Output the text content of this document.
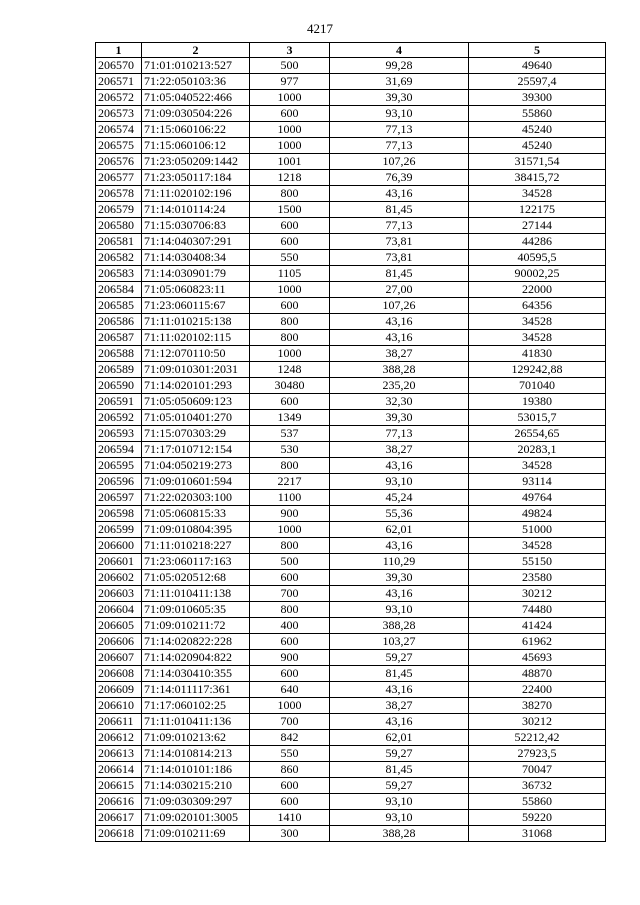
4217
1	2	3	4	5
206570	71:01:010213:527	500	99,28	49640
206571	71:22:050103:36	977	31,69	25597,4
206572	71:05:040522:466	1000	39,30	39300
206573	71:09:030504:226	600	93,10	55860
206574	71:15:060106:22	1000	77,13	45240
206575	71:15:060106:12	1000	77,13	45240
206576	71:23:050209:1442	1001	107,26	31571,54
206577	71:23:050117:184	1218	76,39	38415,72
206578	71:11:020102:196	800	43,16	34528
206579	71:14:010114:24	1500	81,45	122175
206580	71:15:030706:83	600	77,13	27144
206581	71:14:040307:291	600	73,81	44286
206582	71:14:030408:34	550	73,81	40595,5
206583	71:14:030901:79	1105	81,45	90002,25
206584	71:05:060823:11	1000	27,00	22000
206585	71:23:060115:67	600	107,26	64356
206586	71:11:010215:138	800	43,16	34528
206587	71:11:020102:115	800	43,16	34528
206588	71:12:070110:50	1000	38,27	41830
206589	71:09:010301:2031	1248	388,28	129242,88
206590	71:14:020101:293	30480	235,20	701040
206591	71:05:050609:123	600	32,30	19380
206592	71:05:010401:270	1349	39,30	53015,7
206593	71:15:070303:29	537	77,13	26554,65
206594	71:17:010712:154	530	38,27	20283,1
206595	71:04:050219:273	800	43,16	34528
206596	71:09:010601:594	2217	93,10	93114
206597	71:22:020303:100	1100	45,24	49764
206598	71:05:060815:33	900	55,36	49824
206599	71:09:010804:395	1000	62,01	51000
206600	71:11:010218:227	800	43,16	34528
206601	71:23:060117:163	500	110,29	55150
206602	71:05:020512:68	600	39,30	23580
206603	71:11:010411:138	700	43,16	30212
206604	71:09:010605:35	800	93,10	74480
206605	71:09:010211:72	400	388,28	41424
206606	71:14:020822:228	600	103,27	61962
206607	71:14:020904:822	900	59,27	45693
206608	71:14:030410:355	600	81,45	48870
206609	71:14:011117:361	640	43,16	22400
206610	71:17:060102:25	1000	38,27	38270
206611	71:11:010411:136	700	43,16	30212
206612	71:09:010213:62	842	62,01	52212,42
206613	71:14:010814:213	550	59,27	27923,5
206614	71:14:010101:186	860	81,45	70047
206615	71:14:030215:210	600	59,27	36732
206616	71:09:030309:297	600	93,10	55860
206617	71:09:020101:3005	1410	93,10	59220
206618	71:09:010211:69	300	388,28	31068
